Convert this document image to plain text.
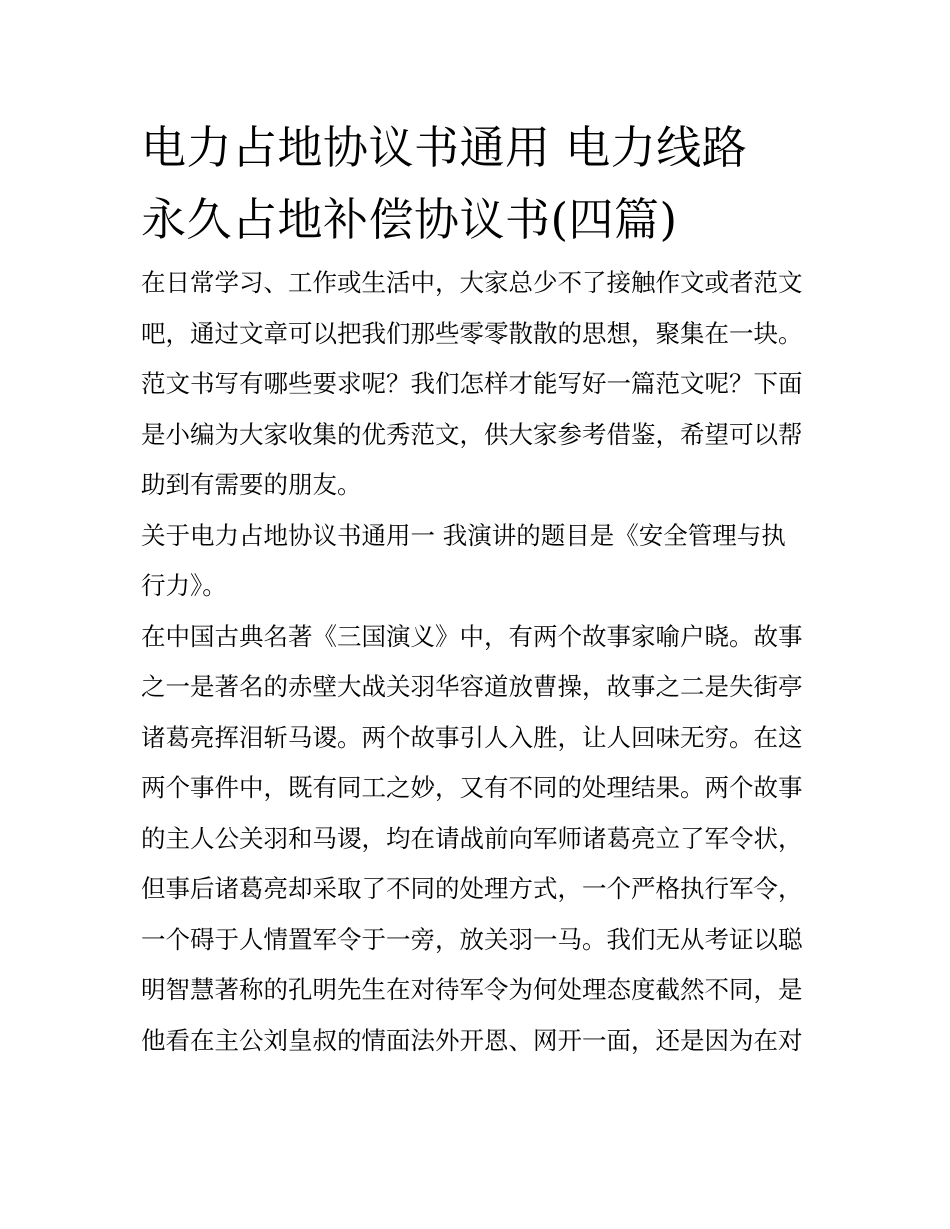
电力占地协议书通用 电力线路
永久占地补偿协议书(四篇)

在日常学习、工作或生活中，大家总少不了接触作文或者范文
吧，通过文章可以把我们那些零零散散的思想，聚集在一块。
范文书写有哪些要求呢？我们怎样才能写好一篇范文呢？下面
是小编为大家收集的优秀范文，供大家参考借鉴，希望可以帮
助到有需要的朋友。

关于电力占地协议书通用一 我演讲的题目是《安全管理与执
行力》。

在中国古典名著《三国演义》中，有两个故事家喻户晓。故事
之一是著名的赤壁大战关羽华容道放曹操，故事之二是失街亭
诸葛亮挥泪斩马谡。两个故事引人入胜，让人回味无穷。在这
两个事件中，既有同工之妙，又有不同的处理结果。两个故事
的主人公关羽和马谡，均在请战前向军师诸葛亮立了军令状，
但事后诸葛亮却采取了不同的处理方式，一个严格执行军令，
一个碍于人情置军令于一旁，放关羽一马。我们无从考证以聪
明智慧著称的孔明先生在对待军令为何处理态度截然不同，是
他看在主公刘皇叔的情面法外开恩、网开一面，还是因为在对
